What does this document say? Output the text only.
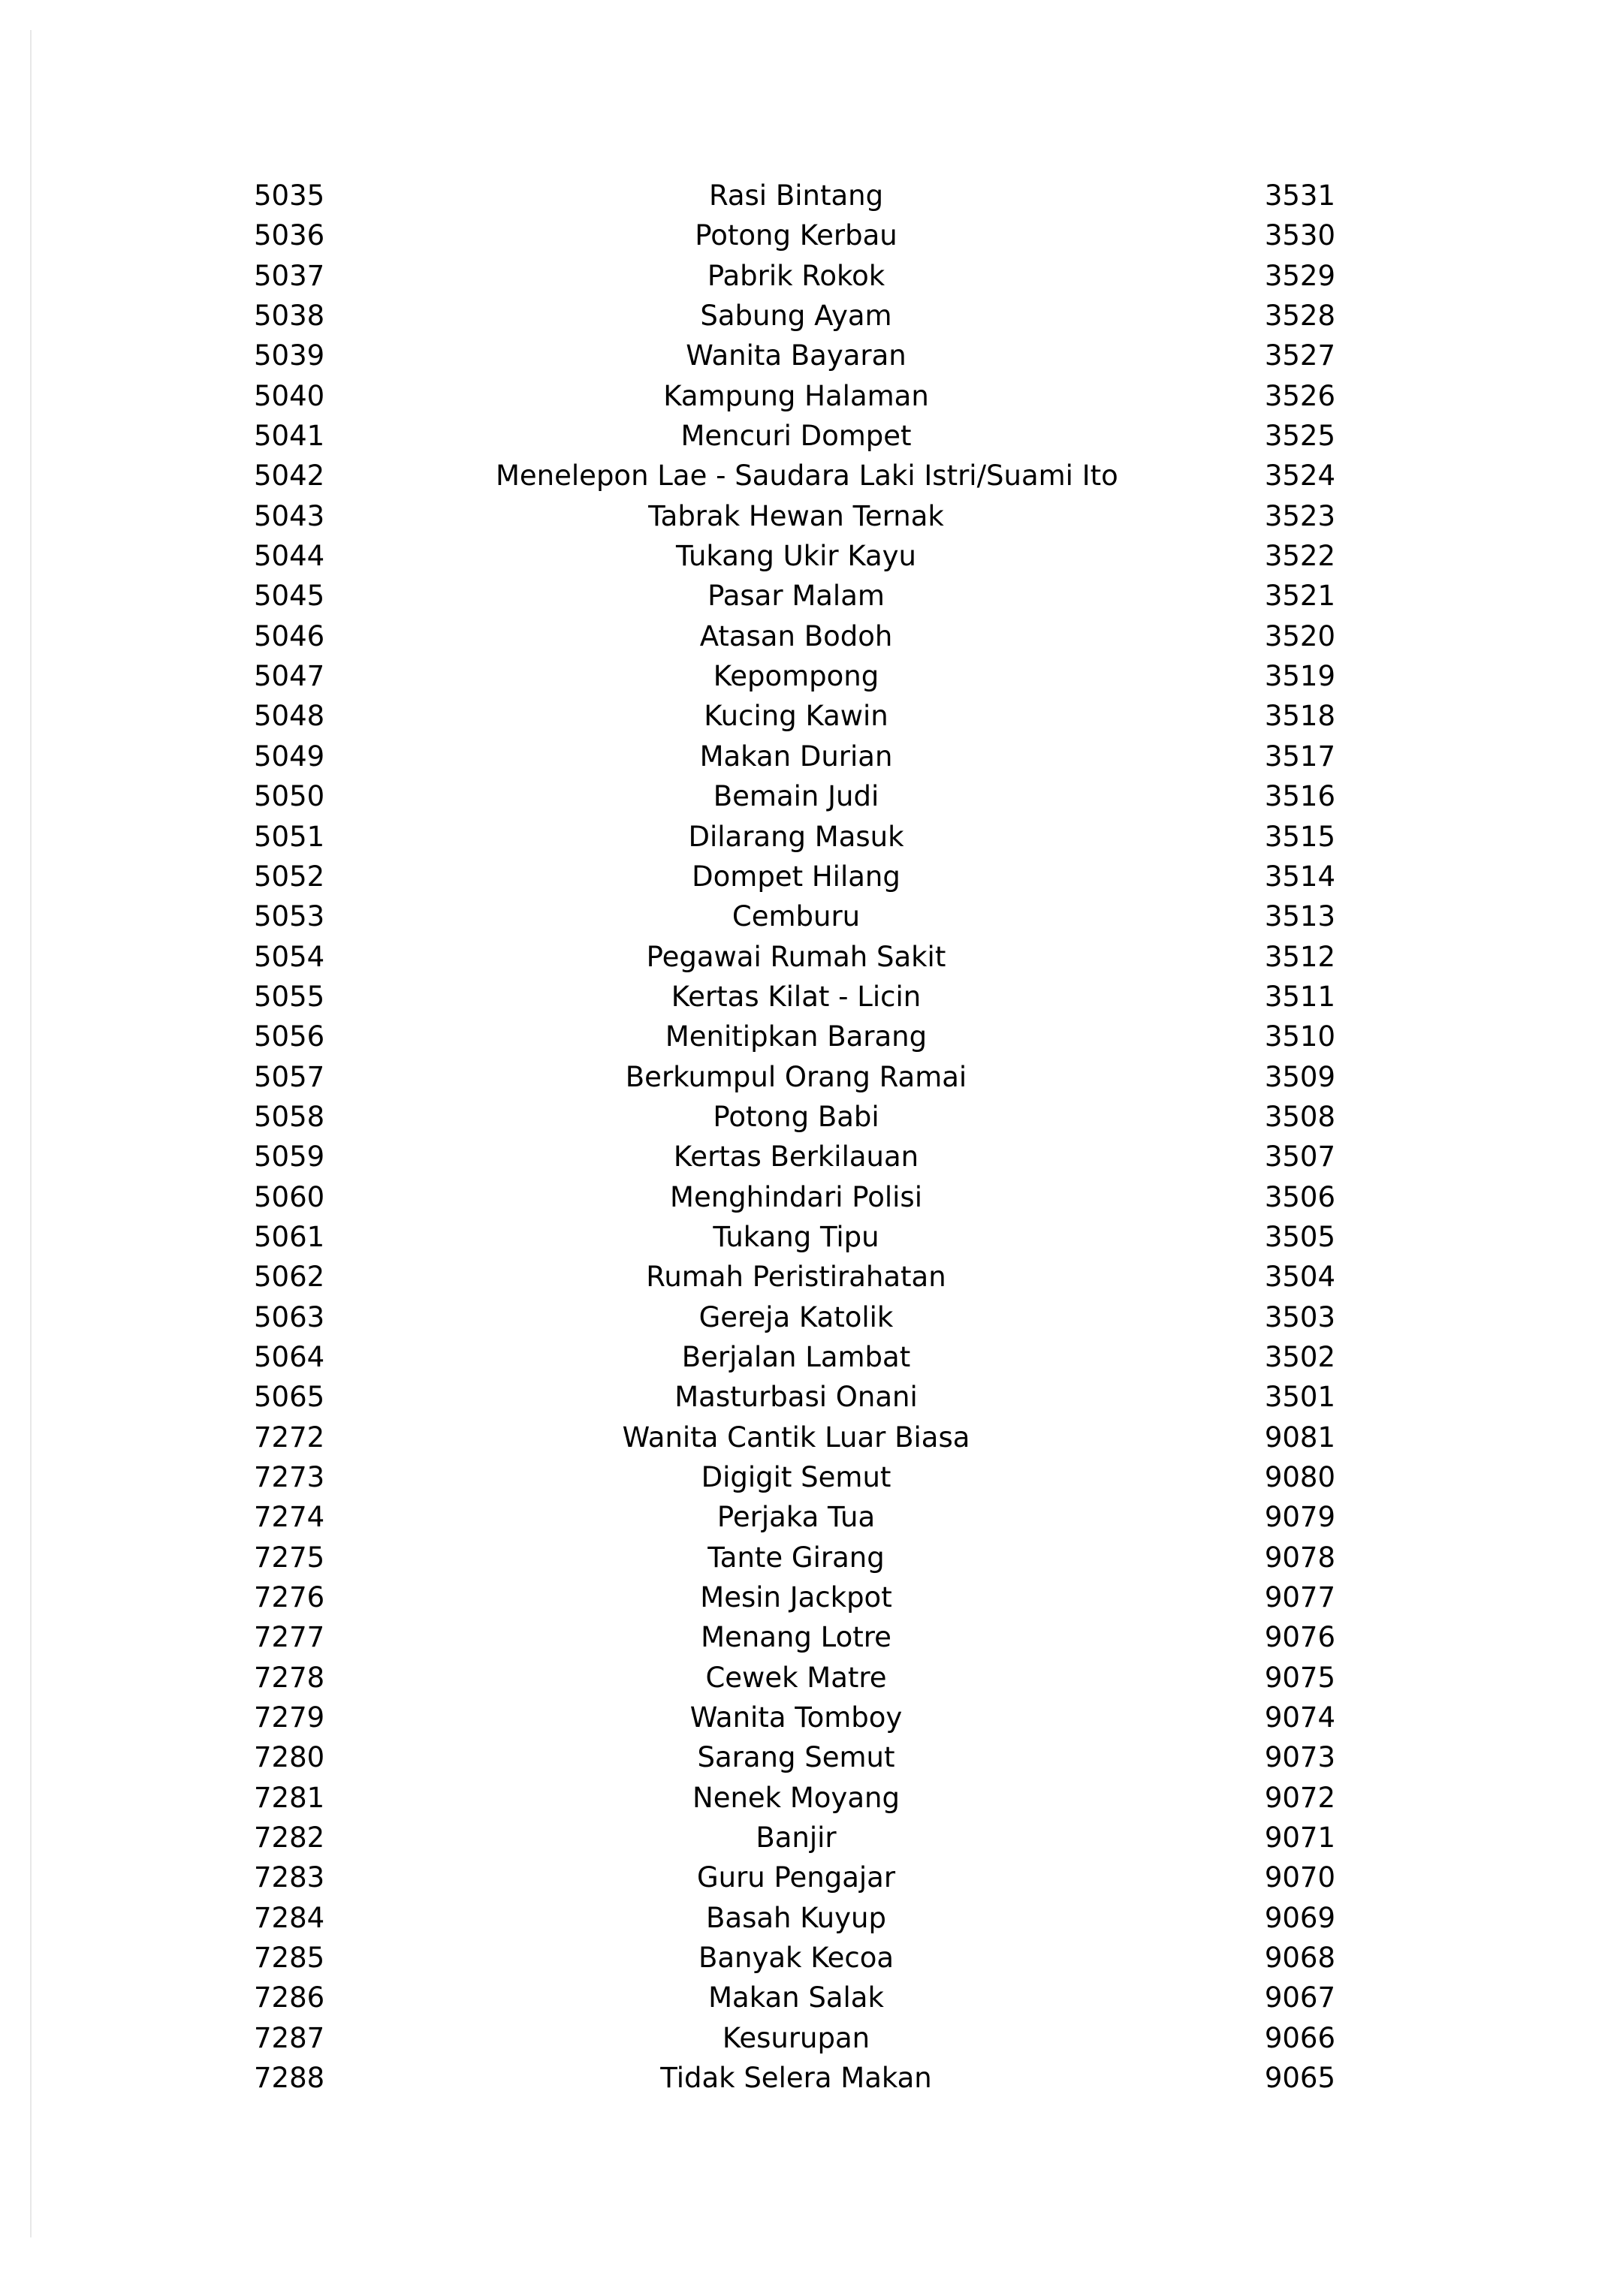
5035	Rasi Bintang	3531
5036	Potong Kerbau	3530
5037	Pabrik Rokok	3529
5038	Sabung Ayam	3528
5039	Wanita Bayaran	3527
5040	Kampung Halaman	3526
5041	Mencuri Dompet	3525
5042	Menelepon Lae - Saudara Laki Istri/Suami Ito	3524
5043	Tabrak Hewan Ternak	3523
5044	Tukang Ukir Kayu	3522
5045	Pasar Malam	3521
5046	Atasan Bodoh	3520
5047	Kepompong	3519
5048	Kucing Kawin	3518
5049	Makan Durian	3517
5050	Bemain Judi	3516
5051	Dilarang Masuk	3515
5052	Dompet Hilang	3514
5053	Cemburu	3513
5054	Pegawai Rumah Sakit	3512
5055	Kertas Kilat - Licin	3511
5056	Menitipkan Barang	3510
5057	Berkumpul Orang Ramai	3509
5058	Potong Babi	3508
5059	Kertas Berkilauan	3507
5060	Menghindari Polisi	3506
5061	Tukang Tipu	3505
5062	Rumah Peristirahatan	3504
5063	Gereja Katolik	3503
5064	Berjalan Lambat	3502
5065	Masturbasi Onani	3501
7272	Wanita Cantik Luar Biasa	9081
7273	Digigit Semut	9080
7274	Perjaka Tua	9079
7275	Tante Girang	9078
7276	Mesin Jackpot	9077
7277	Menang Lotre	9076
7278	Cewek Matre	9075
7279	Wanita Tomboy	9074
7280	Sarang Semut	9073
7281	Nenek Moyang	9072
7282	Banjir	9071
7283	Guru Pengajar	9070
7284	Basah Kuyup	9069
7285	Banyak Kecoa	9068
7286	Makan Salak	9067
7287	Kesurupan	9066
7288	Tidak Selera Makan	9065
